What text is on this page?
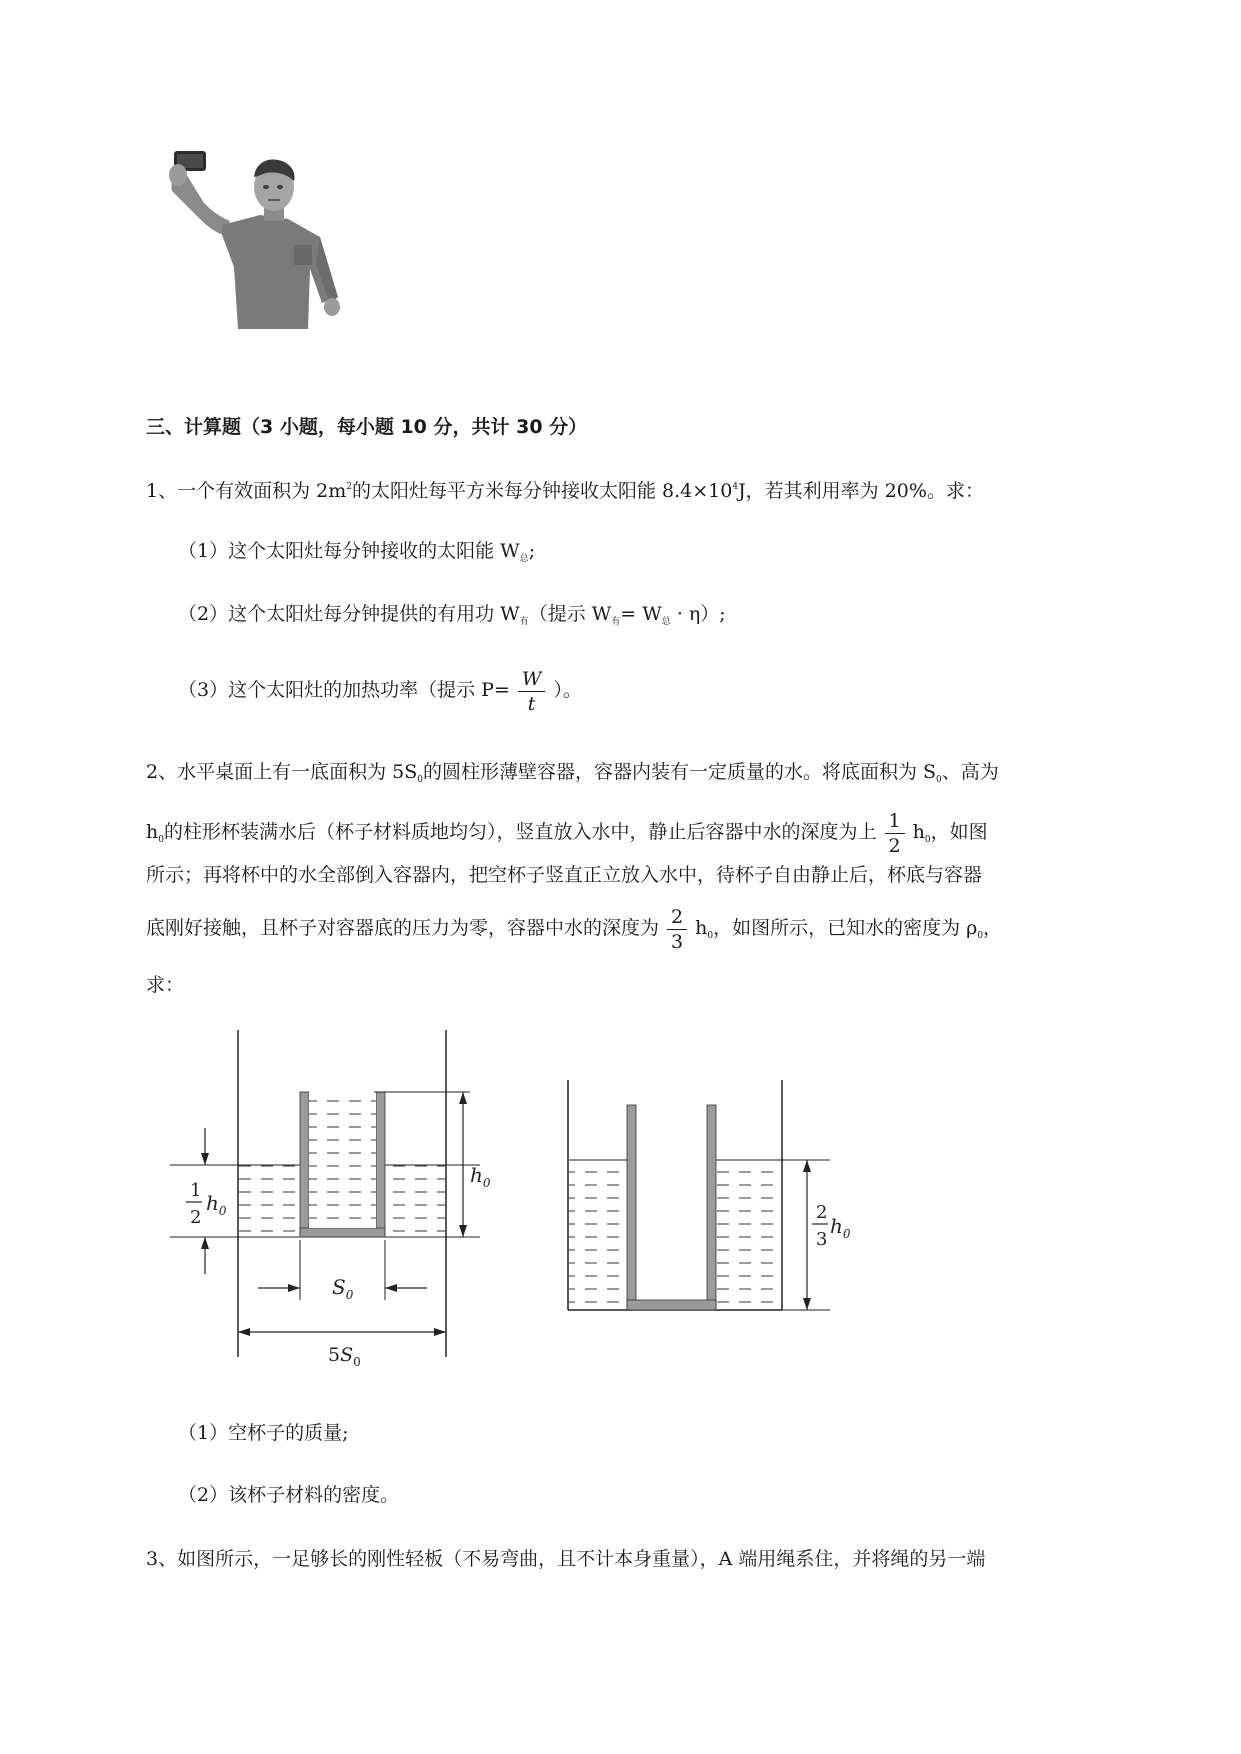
三、计算题（3 小题，每小题 10 分，共计 30 分）
1、一个有效面积为 $2m^2$的太阳灶每平方米每分钟接收太阳能 $8.4\times 10^4J$，若其利用率为 20%。求：
（1）这个太阳灶每分钟接收的太阳能 $W_总$;
（2）这个太阳灶每分钟提供的有用功 $W_有$（提示 $W_有= W_总 \cdot \eta$）;
（3）这个太阳灶的加热功率（提示 $P= \frac{W}{t}$ ）。
2、水平桌面上有一底面积为 $5S_0$的圆柱形薄壁容器，容器内装有一定质量的水。将底面积为 $S_0$、高为
$h_0$的柱形杯装满水后（杯子材料质地均匀），竖直放入水中，静止后容器中水的深度为上 $\frac{1}{2} h_0$，如图
所示；再将杯中的水全部倒入容器内，把空杯子竖直正立放入水中，待杯子自由静止后，杯底与容器
底刚好接触，且杯子对容器底的压力为零，容器中水的深度为 $\frac{2}{3} h_0$，如图所示，已知水的密度为 $\rho_0$，
求：
$h_0$
1
2
$h_0$
$S_0$
$5S_0$
2
3
$h_0$
（1）空杯子的质量;
（2）该杯子材料的密度。
3、如图所示，一足够长的刚性轻板（不易弯曲，且不计本身重量），A 端用绳系住，并将绳的另一端
